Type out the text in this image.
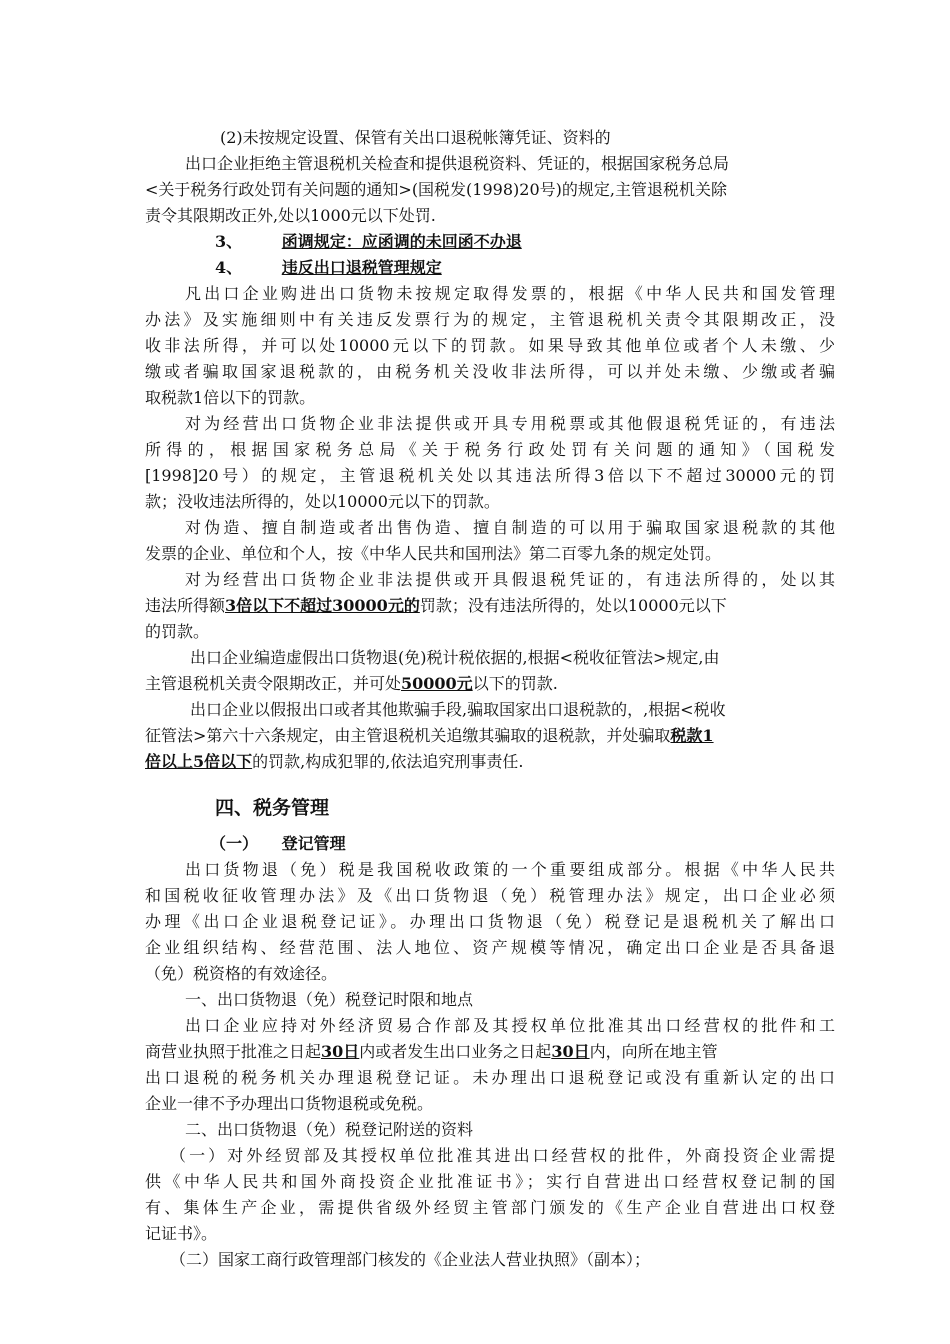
(2)未按规定设置、保管有关出口退税帐簿凭证、资料的
出口企业拒绝主管退税机关检查和提供退税资料、凭证的，根据国家税务总局
<关于税务行政处罚有关问题的通知>(国税发(1998)20号)的规定,主管退税机关除
责令其限期改正外,处以1000元以下处罚.
3、 函调规定：应函调的未回函不办退
4、 违反出口退税管理规定
凡出口企业购进出口货物未按规定取得发票的，根据《中华人民共和国发管理
办法》及实施细则中有关违反发票行为的规定，主管退税机关责令其限期改正，没
收非法所得，并可以处10000元以下的罚款。如果导致其他单位或者个人未缴、少
缴或者骗取国家退税款的，由税务机关没收非法所得，可以并处未缴、少缴或者骗
取税款1倍以下的罚款。
对为经营出口货物企业非法提供或开具专用税票或其他假退税凭证的，有违法
所得的，根据国家税务总局《关于税务行政处罚有关问题的通知》（国税发
[1998]20号）的规定，主管退税机关处以其违法所得3倍以下不超过30000元的罚
款；没收违法所得的，处以10000元以下的罚款。
对伪造、擅自制造或者出售伪造、擅自制造的可以用于骗取国家退税款的其他
发票的企业、单位和个人，按《中华人民共和国刑法》第二百零九条的规定处罚。
对为经营出口货物企业非法提供或开具假退税凭证的，有违法所得的，处以其
违法所得额3倍以下不超过30000元的罚款；没有违法所得的，处以10000元以下
的罚款。
出口企业编造虚假出口货物退(免)税计税依据的,根据<税收征管法>规定,由
主管退税机关责令限期改正，并可处50000元以下的罚款.
出口企业以假报出口或者其他欺骗手段,骗取国家出口退税款的，,根据<税收
征管法>第六十六条规定，由主管退税机关追缴其骗取的退税款，并处骗取税款1
倍以上5倍以下的罚款,构成犯罪的,依法追究刑事责任.
四、税务管理
（一） 登记管理
出口货物退（免）税是我国税收政策的一个重要组成部分。根据《中华人民共
和国税收征收管理办法》及《出口货物退（免）税管理办法》规定，出口企业必须
办理《出口企业退税登记证》。办理出口货物退（免）税登记是退税机关了解出口
企业组织结构、经营范围、法人地位、资产规模等情况，确定出口企业是否具备退
（免）税资格的有效途径。
一、出口货物退（免）税登记时限和地点
出口企业应持对外经济贸易合作部及其授权单位批准其出口经营权的批件和工
商营业执照于批准之日起30日内或者发生出口业务之日起30日内，向所在地主管
出口退税的税务机关办理退税登记证。未办理出口退税登记或没有重新认定的出口
企业一律不予办理出口货物退税或免税。
二、出口货物退（免）税登记附送的资料
（一）对外经贸部及其授权单位批准其进出口经营权的批件，外商投资企业需提
供《中华人民共和国外商投资企业批准证书》；实行自营进出口经营权登记制的国
有、集体生产企业，需提供省级外经贸主管部门颁发的《生产企业自营进出口权登
记证书》。
（二）国家工商行政管理部门核发的《企业法人营业执照》（副本）；
